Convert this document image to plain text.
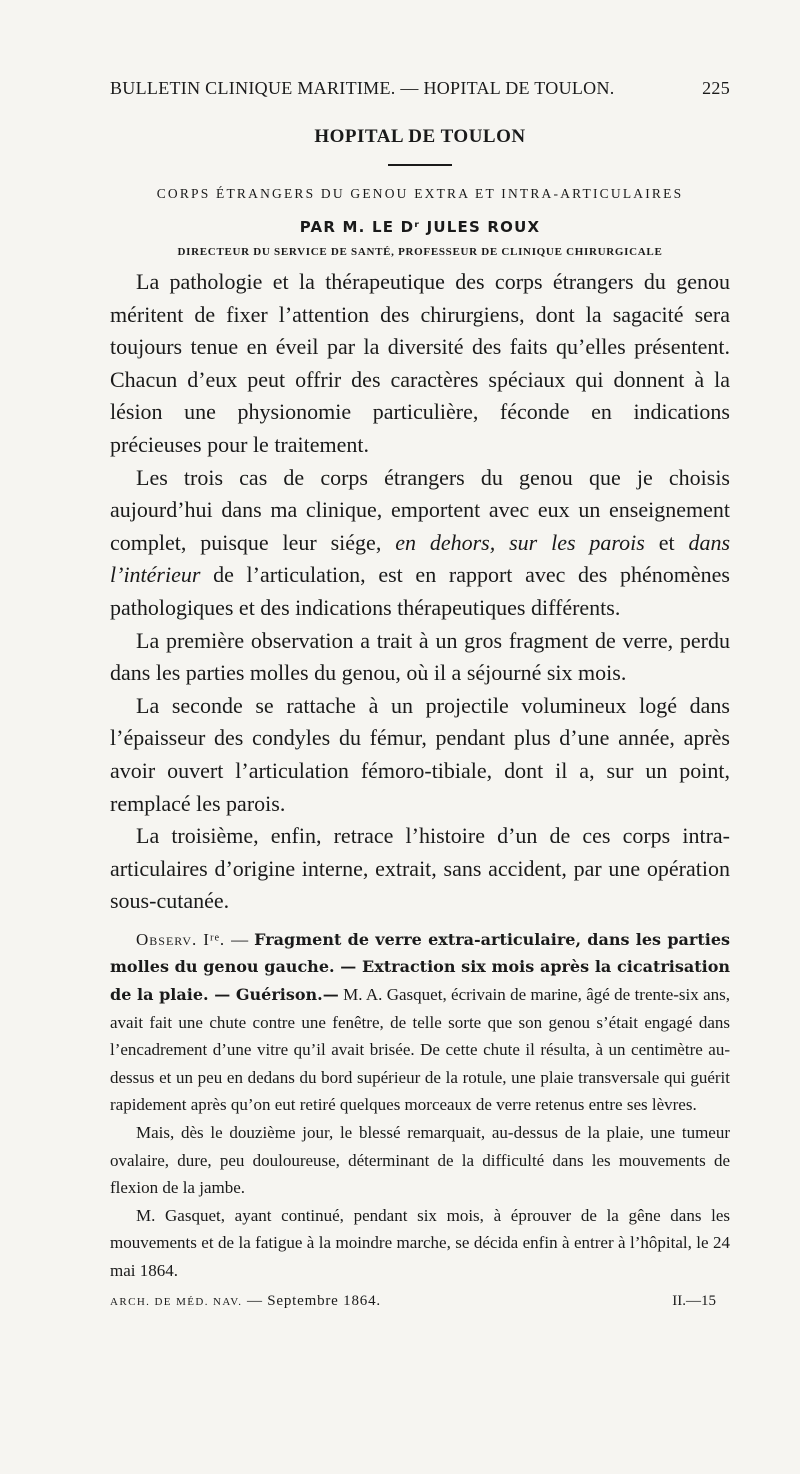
BULLETIN CLINIQUE MARITIME. — HOPITAL DE TOULON.	225
HOPITAL DE TOULON
CORPS ÉTRANGERS DU GENOU EXTRA ET INTRA-ARTICULAIRES
PAR M. LE Dʳ JULES ROUX
DIRECTEUR DU SERVICE DE SANTÉ, PROFESSEUR DE CLINIQUE CHIRURGICALE

La pathologie et la thérapeutique des corps étrangers du genou méritent de fixer l’attention des chirurgiens, dont la sagacité sera toujours tenue en éveil par la diversité des faits qu’elles présentent. Chacun d’eux peut offrir des caractères spéciaux qui donnent à la lésion une physionomie particulière, féconde en indications précieuses pour le traitement.

Les trois cas de corps étrangers du genou que je choisis aujourd’hui dans ma clinique, emportent avec eux un enseignement complet, puisque leur siége, en dehors, sur les parois et dans l’intérieur de l’articulation, est en rapport avec des phénomènes pathologiques et des indications thérapeutiques différents.

La première observation a trait à un gros fragment de verre, perdu dans les parties molles du genou, où il a séjourné six mois.

La seconde se rattache à un projectile volumineux logé dans l’épaisseur des condyles du fémur, pendant plus d’une année, après avoir ouvert l’articulation fémoro-tibiale, dont il a, sur un point, remplacé les parois.

La troisième, enfin, retrace l’histoire d’un de ces corps intra-articulaires d’origine interne, extrait, sans accident, par une opération sous-cutanée.

Observ. Iʳᵉ. — Fragment de verre extra-articulaire, dans les parties molles du genou gauche. — Extraction six mois après la cicatrisation de la plaie. — Guérison.— M. A. Gasquet, écrivain de marine, âgé de trente-six ans, avait fait une chute contre une fenêtre, de telle sorte que son genou s’était engagé dans l’encadrement d’une vitre qu’il avait brisée. De cette chute il résulta, à un centimètre au-dessus et un peu en dedans du bord supérieur de la rotule, une plaie transversale qui guérit rapidement après qu’on eut retiré quelques morceaux de verre retenus entre ses lèvres.

Mais, dès le douzième jour, le blessé remarquait, au-dessus de la plaie, une tumeur ovalaire, dure, peu douloureuse, déterminant de la difficulté dans les mouvements de flexion de la jambe.

M. Gasquet, ayant continué, pendant six mois, à éprouver de la gêne dans les mouvements et de la fatigue à la moindre marche, se décida enfin à entrer à l’hôpital, le 24 mai 1864.

ARCH. DE MÉD. NAV. — Septembre 1864.	II.—15
